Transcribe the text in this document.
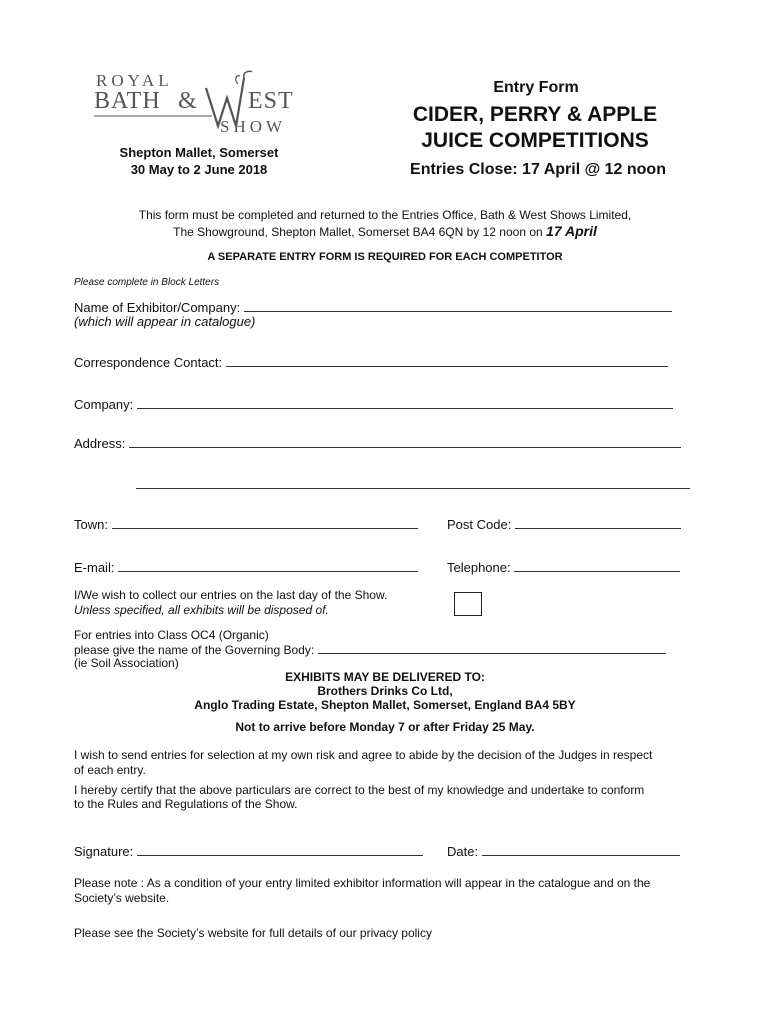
ROYAL
BATH & EST
SHOW
Shepton Mallet, Somerset
30 May to 2 June 2018
Entry Form
CIDER, PERRY & APPLE
JUICE COMPETITIONS
Entries Close: 17 April @ 12 noon
This form must be completed and returned to the Entries Office, Bath & West Shows Limited,
The Showground, Shepton Mallet, Somerset BA4 6QN by 12 noon on 17 April
A SEPARATE ENTRY FORM IS REQUIRED FOR EACH COMPETITOR
Please complete in Block Letters
Name of Exhibitor/Company:
(which will appear in catalogue)
Correspondence Contact:
Company:
Address:
Town:	Post Code:
E-mail:	Telephone:
I/We wish to collect our entries on the last day of the Show.
Unless specified, all exhibits will be disposed of.
For entries into Class OC4 (Organic)
please give the name of the Governing Body:
(ie Soil Association)
EXHIBITS MAY BE DELIVERED TO:
Brothers Drinks Co Ltd,
Anglo Trading Estate, Shepton Mallet, Somerset, England BA4 5BY
Not to arrive before Monday 7 or after Friday 25 May.
I wish to send entries for selection at my own risk and agree to abide by the decision of the Judges in respect
of each entry.
I hereby certify that the above particulars are correct to the best of my knowledge and undertake to conform
to the Rules and Regulations of the Show.
Signature:	Date:
Please note : As a condition of your entry limited exhibitor information will appear in the catalogue and on the
Society’s website.
Please see the Society’s website for full details of our privacy policy
